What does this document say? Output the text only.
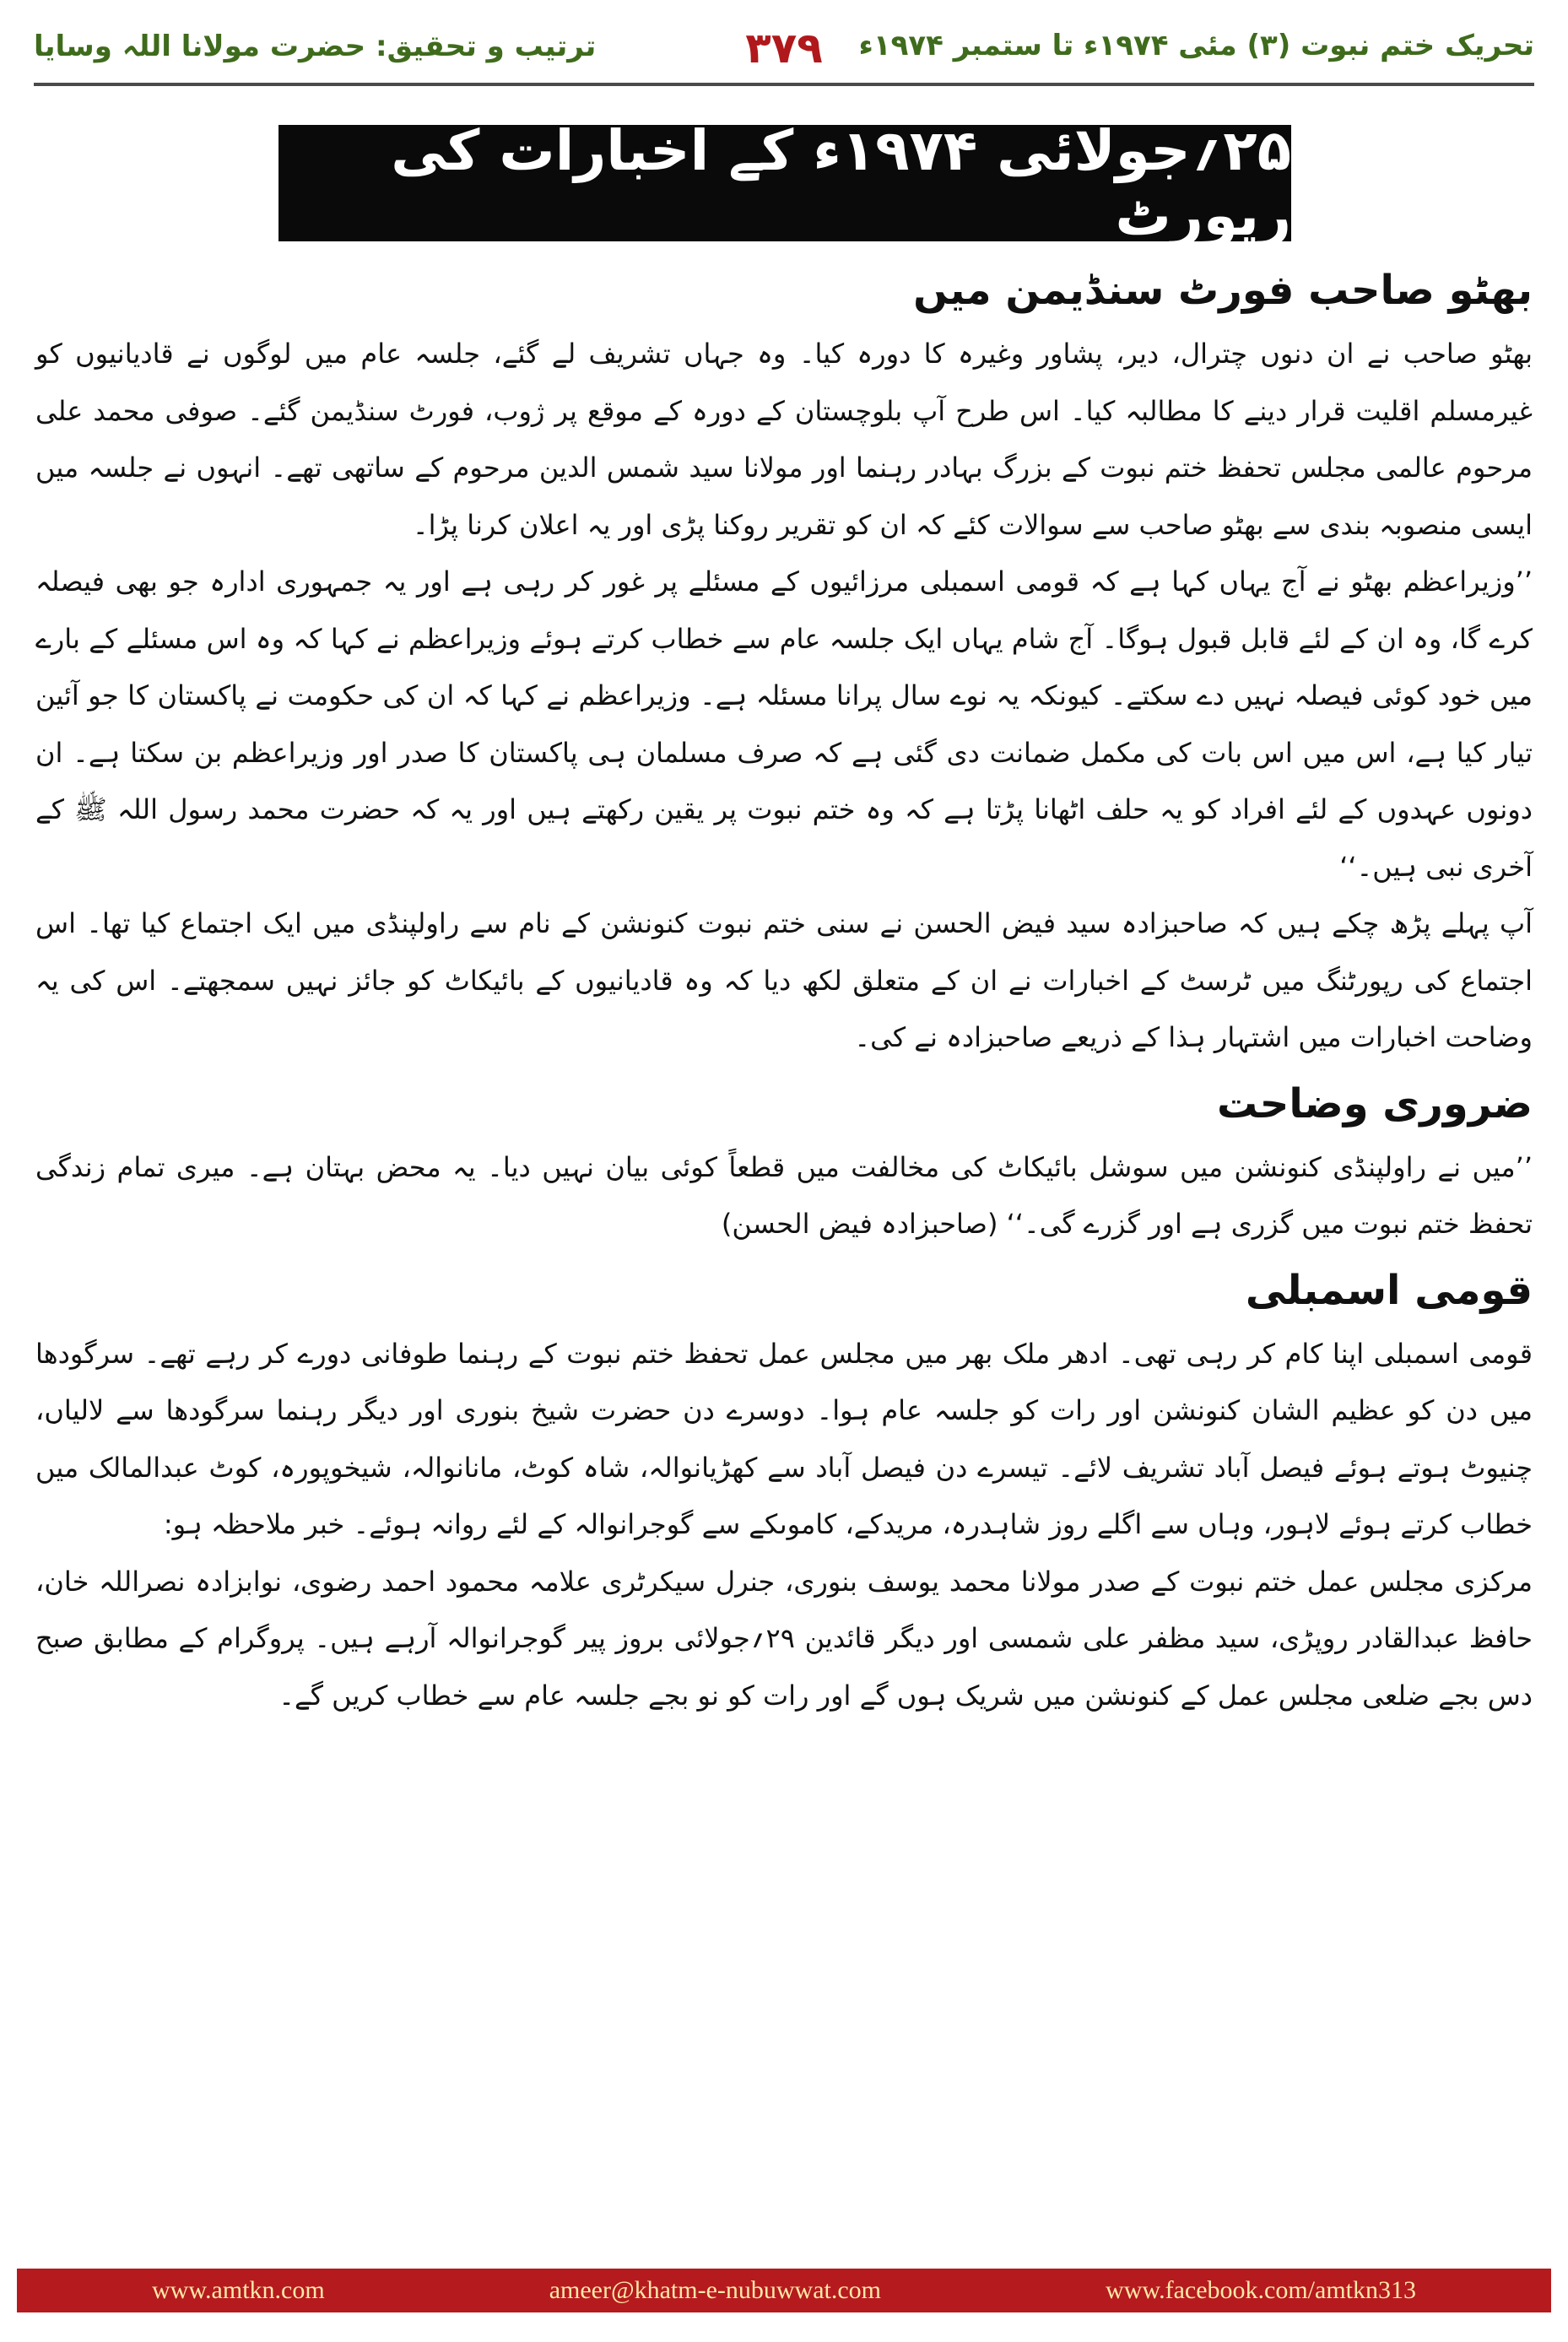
تحریک ختم نبوت (۳) مئی ۱۹۷۴ء تا ستمبر ۱۹۷۴ء
۳۷۹
ترتیب و تحقیق: حضرت مولانا اللہ وسایا
۲۵؍جولائی ۱۹۷۴ء کے اخبارات کی رپورٹ
بھٹو صاحب فورٹ سنڈیمن میں

بھٹو صاحب نے ان دنوں چترال، دیر، پشاور وغیرہ کا دورہ کیا۔ وہ جہاں تشریف لے گئے، جلسہ عام میں لوگوں نے قادیانیوں کو غیرمسلم اقلیت قرار دینے کا مطالبہ کیا۔ اس طرح آپ بلوچستان کے دورہ کے موقع پر ژوب، فورٹ سنڈیمن گئے۔ صوفی محمد علی مرحوم عالمی مجلس تحفظ ختم نبوت کے بزرگ بہادر رہنما اور مولانا سید شمس الدین مرحوم کے ساتھی تھے۔ انہوں نے جلسہ میں ایسی منصوبہ بندی سے بھٹو صاحب سے سوالات کئے کہ ان کو تقریر روکنا پڑی اور یہ اعلان کرنا پڑا۔

’’وزیراعظم بھٹو نے آج یہاں کہا ہے کہ قومی اسمبلی مرزائیوں کے مسئلے پر غور کر رہی ہے اور یہ جمہوری ادارہ جو بھی فیصلہ کرے گا، وہ ان کے لئے قابل قبول ہوگا۔ آج شام یہاں ایک جلسہ عام سے خطاب کرتے ہوئے وزیراعظم نے کہا کہ وہ اس مسئلے کے بارے میں خود کوئی فیصلہ نہیں دے سکتے۔ کیونکہ یہ نوے سال پرانا مسئلہ ہے۔ وزیراعظم نے کہا کہ ان کی حکومت نے پاکستان کا جو آئین تیار کیا ہے، اس میں اس بات کی مکمل ضمانت دی گئی ہے کہ صرف مسلمان ہی پاکستان کا صدر اور وزیراعظم بن سکتا ہے۔ ان دونوں عہدوں کے لئے افراد کو یہ حلف اٹھانا پڑتا ہے کہ وہ ختم نبوت پر یقین رکھتے ہیں اور یہ کہ حضرت محمد رسول اللہ ﷺ کے آخری نبی ہیں۔‘‘

آپ پہلے پڑھ چکے ہیں کہ صاحبزادہ سید فیض الحسن نے سنی ختم نبوت کنونشن کے نام سے راولپنڈی میں ایک اجتماع کیا تھا۔ اس اجتماع کی رپورٹنگ میں ٹرسٹ کے اخبارات نے ان کے متعلق لکھ دیا کہ وہ قادیانیوں کے بائیکاٹ کو جائز نہیں سمجھتے۔ اس کی یہ وضاحت اخبارات میں اشتہار ہذا کے ذریعے صاحبزادہ نے کی۔

ضروری وضاحت

’’میں نے راولپنڈی کنونشن میں سوشل بائیکاٹ کی مخالفت میں قطعاً کوئی بیان نہیں دیا۔ یہ محض بہتان ہے۔ میری تمام زندگی تحفظ ختم نبوت میں گزری ہے اور گزرے گی۔‘‘ (صاحبزادہ فیض الحسن)

قومی اسمبلی

قومی اسمبلی اپنا کام کر رہی تھی۔ ادھر ملک بھر میں مجلس عمل تحفظ ختم نبوت کے رہنما طوفانی دورے کر رہے تھے۔ سرگودھا میں دن کو عظیم الشان کنونشن اور رات کو جلسہ عام ہوا۔ دوسرے دن حضرت شیخ بنوری اور دیگر رہنما سرگودھا سے لالیاں، چنیوٹ ہوتے ہوئے فیصل آباد تشریف لائے۔ تیسرے دن فیصل آباد سے کھڑیانوالہ، شاہ کوٹ، مانانوالہ، شیخوپورہ، کوٹ عبدالمالک میں خطاب کرتے ہوئے لاہور، وہاں سے اگلے روز شاہدرہ، مریدکے، کاموںکے سے گوجرانوالہ کے لئے روانہ ہوئے۔ خبر ملاحظہ ہو:

مرکزی مجلس عمل ختم نبوت کے صدر مولانا محمد یوسف بنوری، جنرل سیکرٹری علامہ محمود احمد رضوی، نوابزادہ نصراللہ خان، حافظ عبدالقادر روپڑی، سید مظفر علی شمسی اور دیگر قائدین ۲۹؍جولائی بروز پیر گوجرانوالہ آرہے ہیں۔ پروگرام کے مطابق صبح دس بجے ضلعی مجلس عمل کے کنونشن میں شریک ہوں گے اور رات کو نو بجے جلسہ عام سے خطاب کریں گے۔

www.amtkn.com	ameer@khatm-e-nubuwwat.com	www.facebook.com/amtkn313
